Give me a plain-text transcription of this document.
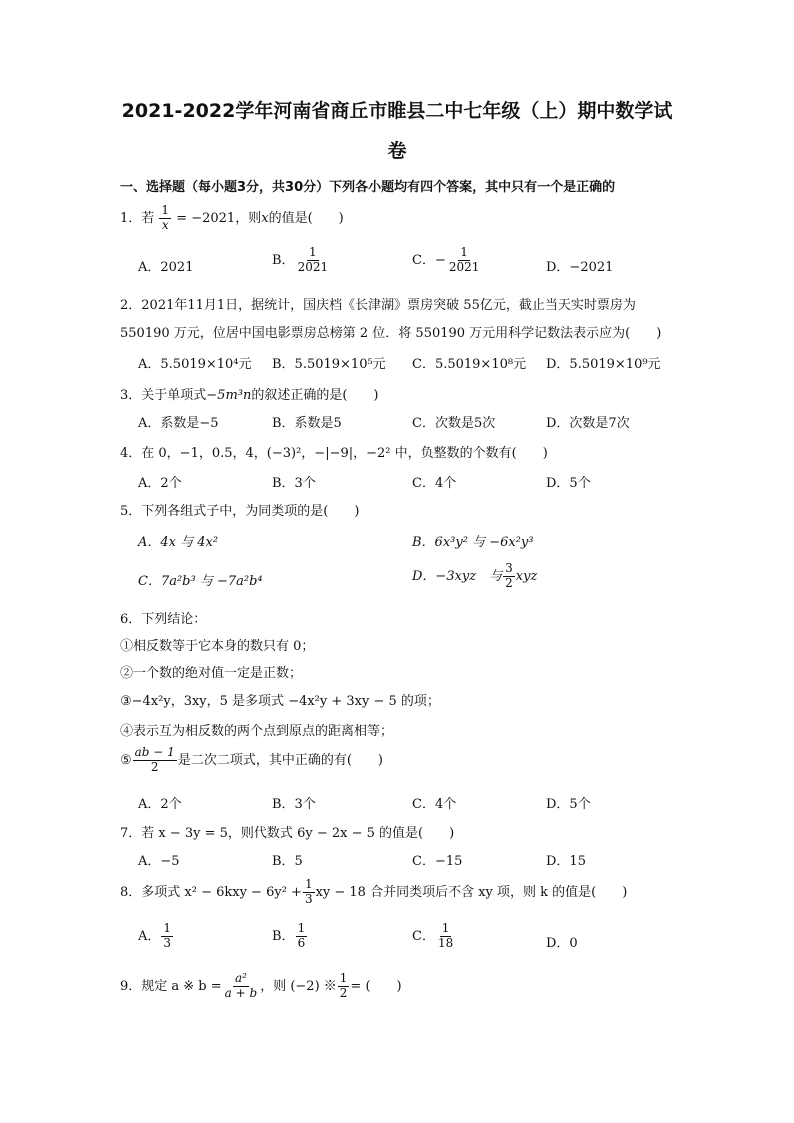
2021-2022学年河南省商丘市睢县二中七年级（上）期中数学试
卷
一、选择题（每小题3分，共30分）下列各小题均有四个答案，其中只有一个是正确的
1．若 $\frac{1}{x} = -2021$，则x的值是(　　)
A．2021	B． $\frac{1}{2021}$	C．− $\frac{1}{2021}$	D．−2021
2．2021年11月1日，据统计，国庆档《长津湖》票房突破 55亿元，截止当天实时票房为
550190 万元，位居中国电影票房总榜第 2 位．将 550190 万元用科学记数法表示应为(　　)
A．5.5019×10⁴元 B．5.5019×10⁵元 C．5.5019×10⁸元 D．5.5019×10⁹元
3．关于单项式−5m³n的叙述正确的是(　　)
A．系数是−5	B．系数是5	C．次数是5次	D．次数是7次
4．在 0，−1，0.5，4，(−3)²，−|−9|，−2² 中，负整数的个数有(　　)
A．2个	B．3个	C．4个	D．5个
5．下列各组式子中，为同类项的是(　　)
A．4x 与 4x²	B．6x³y² 与 −6x²y³
C．7a²b³ 与 −7a²b⁴	D．−3xyz　与 $\frac{3}{2}$ xyz
6．下列结论：
①相反数等于它本身的数只有 0；
②一个数的绝对值一定是正数；
③−4x²y，3xy，5 是多项式 −4x²y + 3xy − 5 的项；
④表示互为相反数的两个点到原点的距离相等；
⑤ $\frac{ab - 1}{2}$ 是二次二项式，其中正确的有(　　)
A．2个	B．3个	C．4个	D．5个
7．若 x − 3y = 5，则代数式 6y − 2x − 5 的值是(　　)
A．−5	B．5	C．−15	D．15
8．多项式 $x^2 - 6kxy - 6y^2 + \frac{1}{3}$ xy − 18 合并同类项后不含 xy 项，则 k 的值是(　　)
A． $\frac{1}{3}$	B． $\frac{1}{6}$	C． $\frac{1}{18}$	D．0
9．规定 a ※ $b = \frac{\text{a²}}{a + b}$ ，则 (−2) ※ $\frac{1}{2}$ = (　　)
